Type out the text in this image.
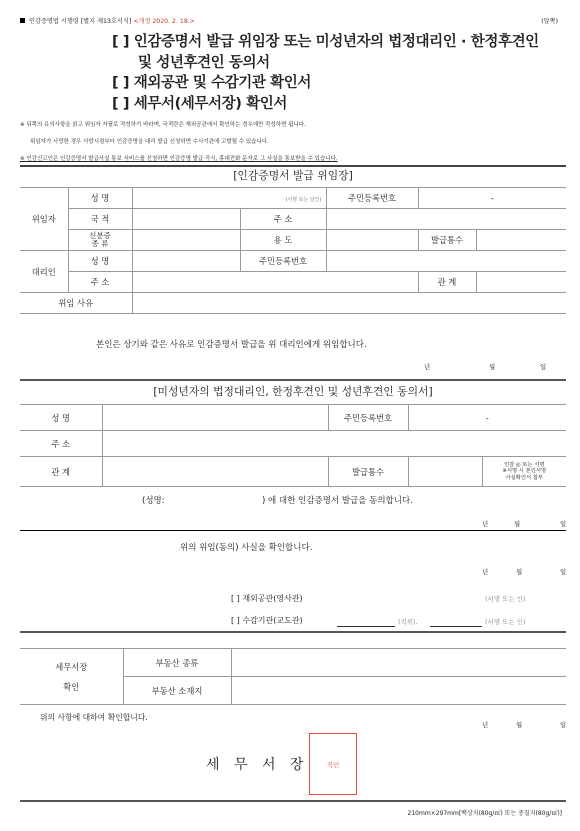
인감증명법 시행령 [별지 제13호서식] <개정 2020. 2. 18.>	(앞쪽)
[ ] 인감증명서 발급 위임장 또는 미성년자의 법정대리인 · 한정후견인
및 성년후견인 동의서
[ ] 재외공관 및 수감기관 확인서
[ ] 세무서(세무서장) 확인서
※ 뒤쪽의 유의사항을 읽고 위임자 자필로 작성하기 바라며, 국적란은 재외공관에서 확인하는 경우에만 작성하면 됩니다.
위임자가 사망한 경우 사망시점부터 인감증명을 대리 발급 신청하면 수사기관에 고발될 수 있습니다.
※ 인감신고인은 인감증명서 발급사실 통보 서비스를 신청하면 인감증명 발급 즉시, 휴대전화 문자로 그 사실을 통보받을 수 있습니다.
[인감증명서 발급 위임장]
위임자	성 명		(서명 또는 날인)	주민등록번호	-	
	국 적		주 소			
	신분증
종 류		용 도		발급통수	
대리인	성 명		주민등록번호			
	주 소				관 계	
위임 사유						
본인은 상기와 같은 사유로 인감증명서 발급을 위 대리인에게 위임합니다.
년	월	일
[미성년자의 법정대리인, 한정후견인 및 성년후견인 동의서]
성 명		주민등록번호	-	
주 소				
관 계		발급통수		인감 ◎ 또는 서명
※서명 시 본인서명
사실확인서 첨부
(성명:	) 에 대한 인감증명서 발급을 동의합니다.
년	월	일
위의 위임(동의) 사실을 확인합니다.
년	월	일
[ ] 재외공관(영사관)	(서명 또는 인)
[ ] 수감기관(교도관)	(직위),	(서명 또는 인)
세무서장
확인	부동산 종류	
	부동산 소재지	
위의 사항에 대하여 확인합니다.
년	월	일
세 무 서 장	직인
210mm×297mm[백상지(80g/㎡) 또는 중질지(80g/㎡)]
